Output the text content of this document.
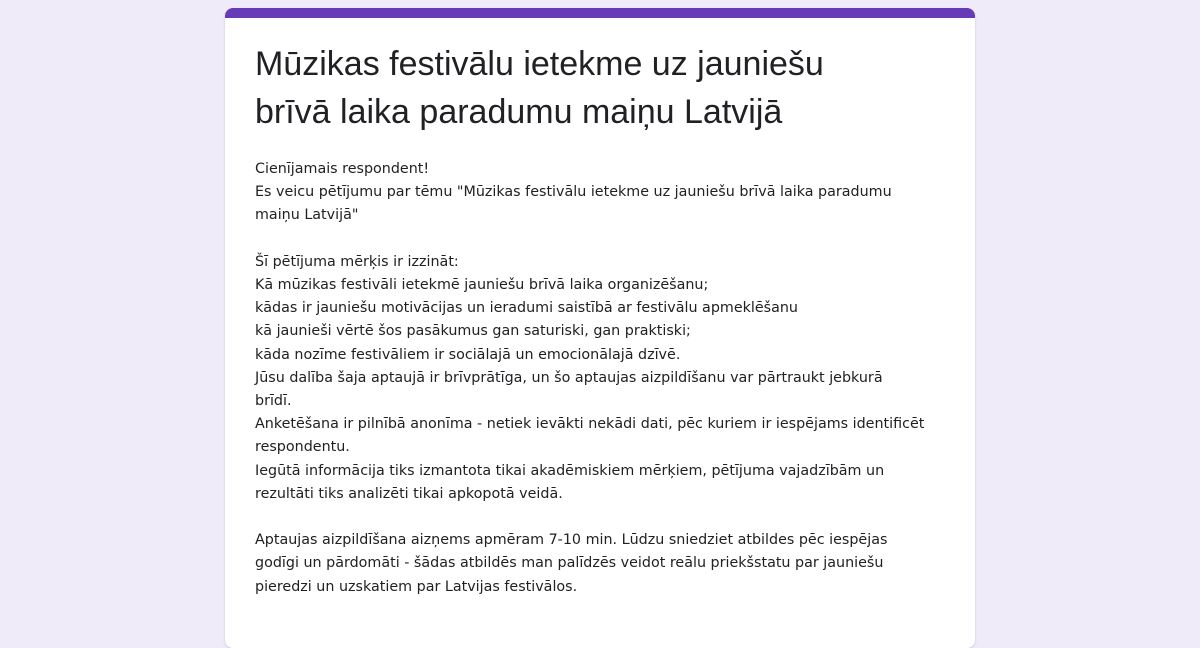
Mūzikas festivālu ietekme uz jauniešu
brīvā laika paradumu maiņu Latvijā
Cienījamais respondent!
Es veicu pētījumu par tēmu "Mūzikas festivālu ietekme uz jauniešu brīvā laika paradumu
maiņu Latvijā"
Šī pētījuma mērķis ir izzināt:
Kā mūzikas festivāli ietekmē jauniešu brīvā laika organizēšanu;
kādas ir jauniešu motivācijas un ieradumi saistībā ar festivālu apmeklēšanu
kā jaunieši vērtē šos pasākumus gan saturiski, gan praktiski;
kāda nozīme festivāliem ir sociālajā un emocionālajā dzīvē.
Jūsu dalība šaja aptaujā ir brīvprātīga, un šo aptaujas aizpildīšanu var pārtraukt jebkurā
brīdī.
Anketēšana ir pilnībā anonīma - netiek ievākti nekādi dati, pēc kuriem ir iespējams identificēt
respondentu.
Iegūtā informācija tiks izmantota tikai akadēmiskiem mērķiem, pētījuma vajadzībām un
rezultāti tiks analizēti tikai apkopotā veidā.
Aptaujas aizpildīšana aizņems apmēram 7-10 min. Lūdzu sniedziet atbildes pēc iespējas
godīgi un pārdomāti - šādas atbildēs man palīdzēs veidot reālu priekšstatu par jauniešu
pieredzi un uzskatiem par Latvijas festivālos.
